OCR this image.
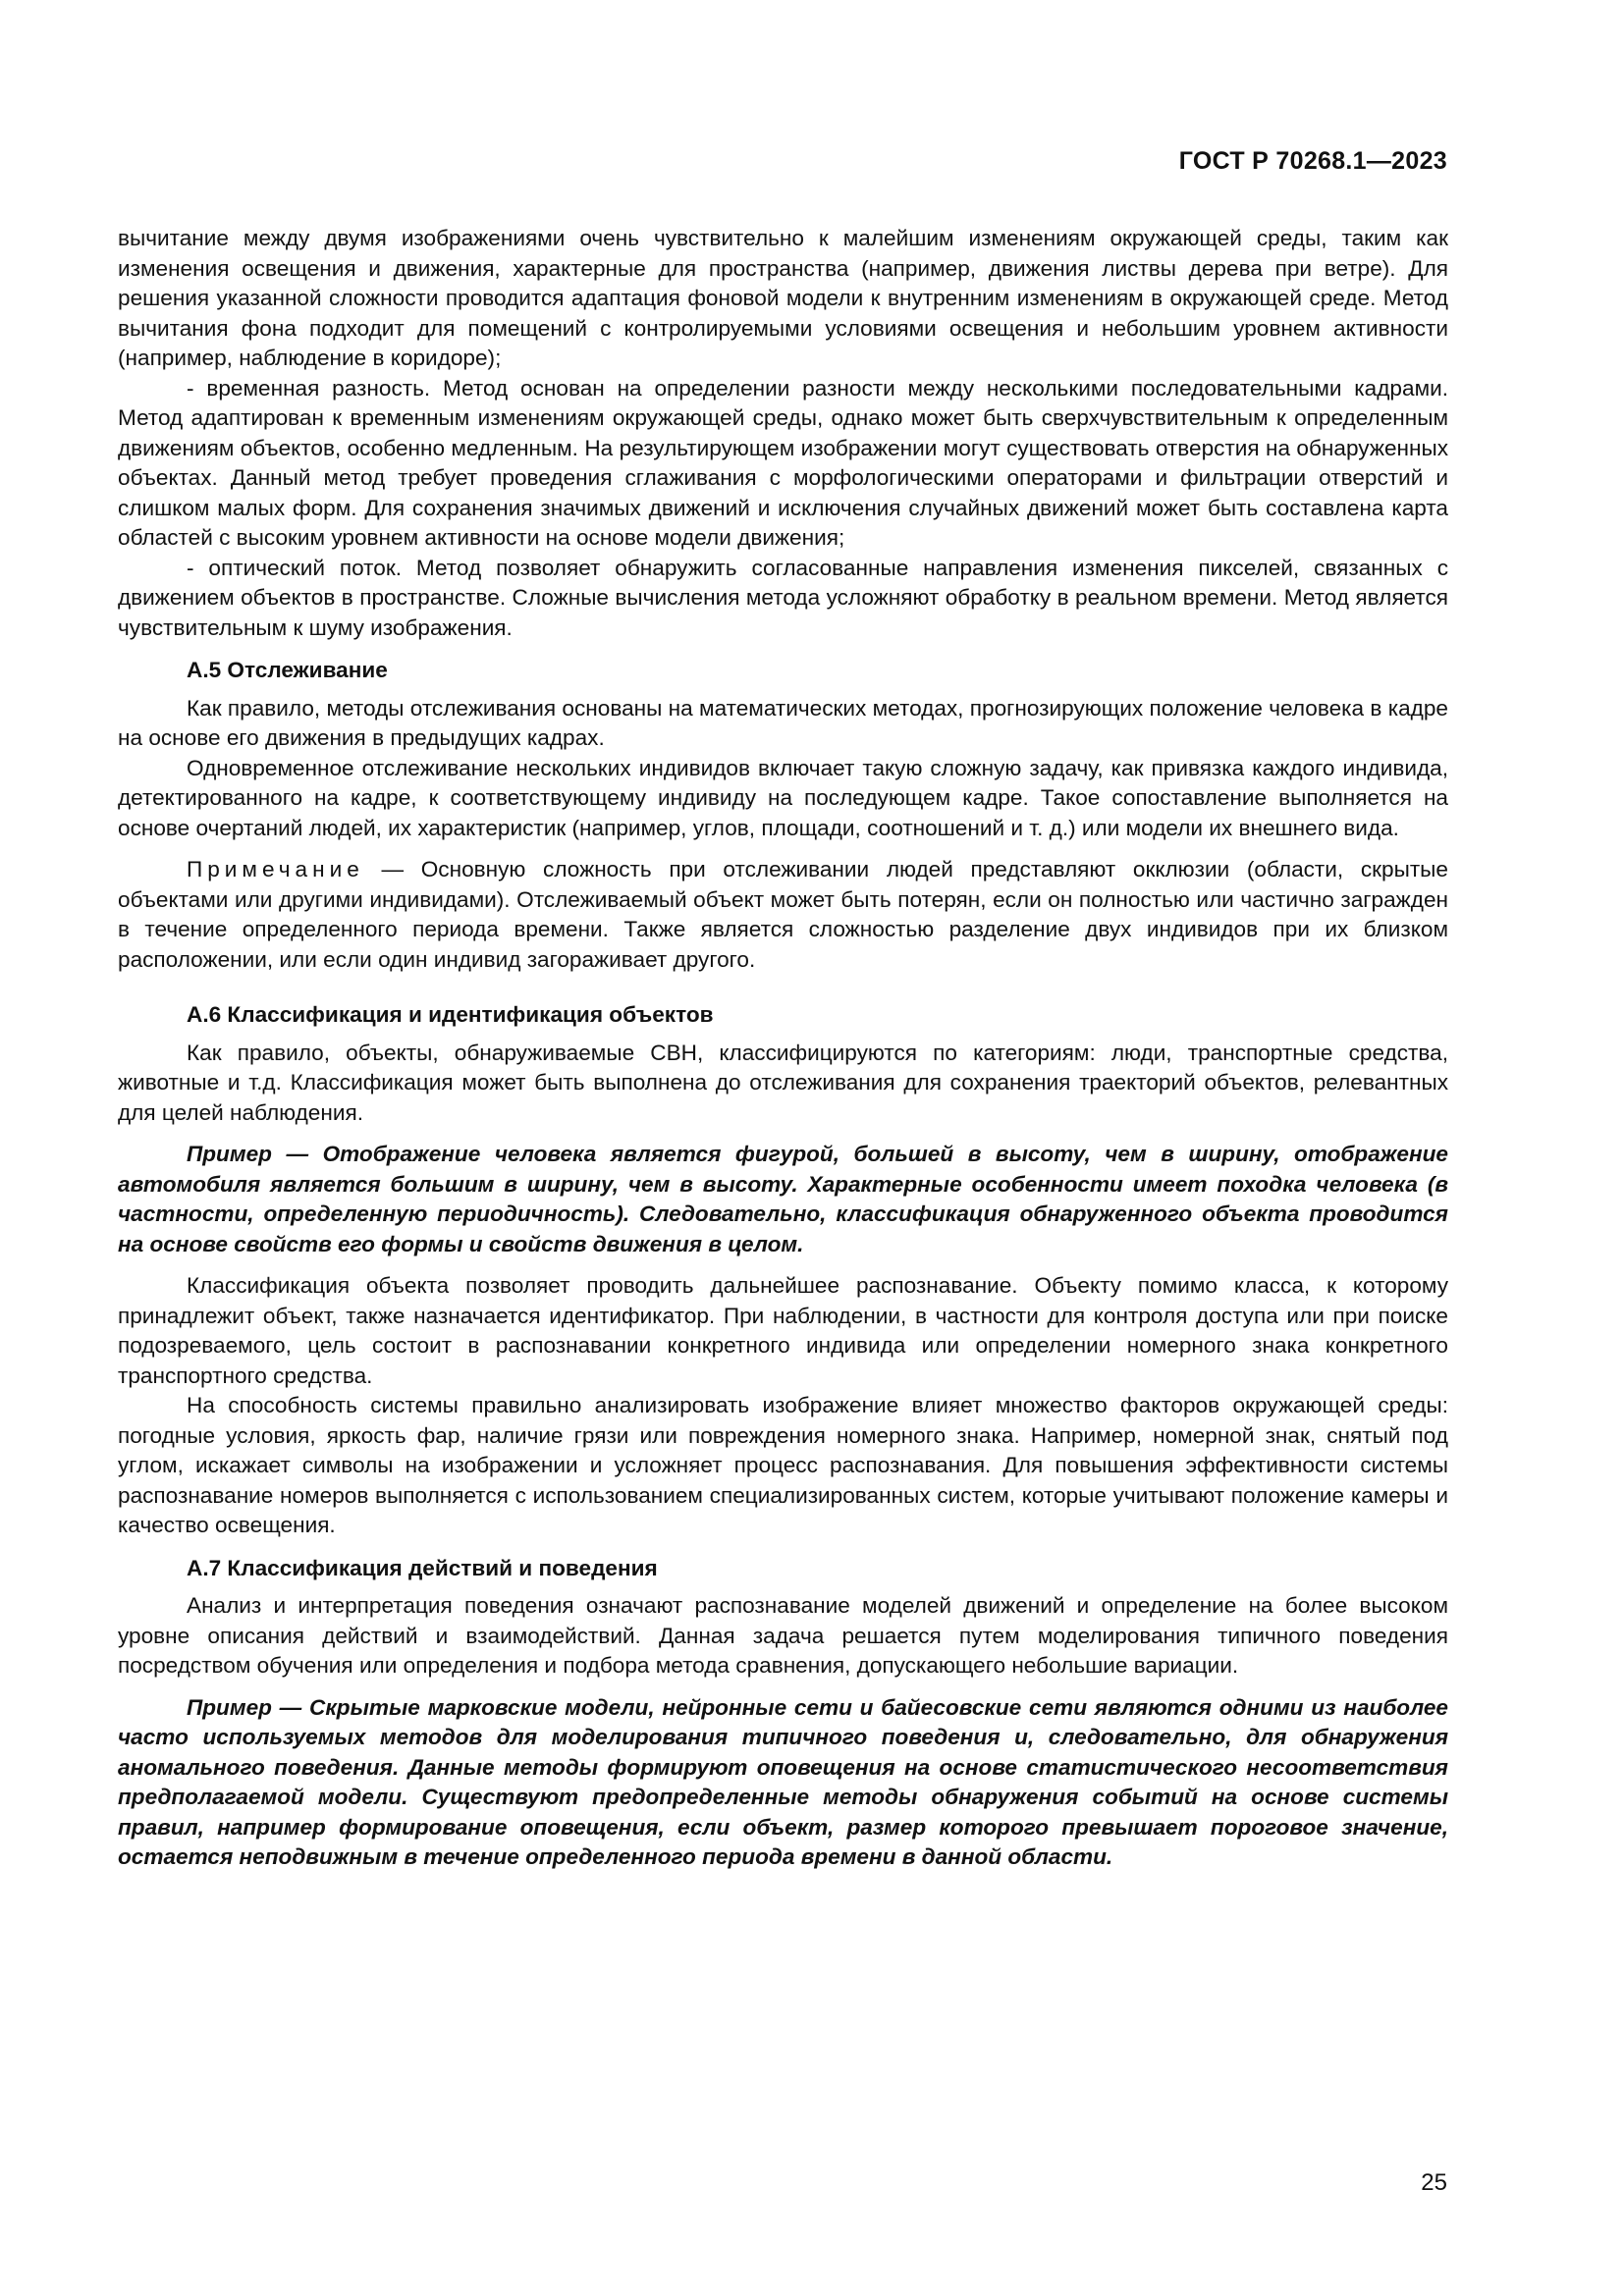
ГОСТ Р 70268.1—2023

вычитание между двумя изображениями очень чувствительно к малейшим изменениям окружающей среды, таким как изменения освещения и движения, характерные для пространства (например, движения листвы дерева при ветре). Для решения указанной сложности проводится адаптация фоновой модели к внутренним изменениям в окружающей среде. Метод вычитания фона подходит для помещений с контролируемыми условиями освещения и небольшим уровнем активности (например, наблюдение в коридоре);

- временная разность. Метод основан на определении разности между несколькими последовательными кадрами. Метод адаптирован к временным изменениям окружающей среды, однако может быть сверхчувствительным к определенным движениям объектов, особенно медленным. На результирующем изображении могут существовать отверстия на обнаруженных объектах. Данный метод требует проведения сглаживания с морфологическими операторами и фильтрации отверстий и слишком малых форм. Для сохранения значимых движений и исключения случайных движений может быть составлена карта областей с высоким уровнем активности на основе модели движения;

- оптический поток. Метод позволяет обнаружить согласованные направления изменения пикселей, связанных с движением объектов в пространстве. Сложные вычисления метода усложняют обработку в реальном времени. Метод является чувствительным к шуму изображения.

А.5 Отслеживание

Как правило, методы отслеживания основаны на математических методах, прогнозирующих положение человека в кадре на основе его движения в предыдущих кадрах.

Одновременное отслеживание нескольких индивидов включает такую сложную задачу, как привязка каждого индивида, детектированного на кадре, к соответствующему индивиду на последующем кадре. Такое сопоставление выполняется на основе очертаний людей, их характеристик (например, углов, площади, соотношений и т. д.) или модели их внешнего вида.

Примечание — Основную сложность при отслеживании людей представляют окклюзии (области, скрытые объектами или другими индивидами). Отслеживаемый объект может быть потерян, если он полностью или частично загражден в течение определенного периода времени. Также является сложностью разделение двух индивидов при их близком расположении, или если один индивид загораживает другого.

А.6 Классификация и идентификация объектов

Как правило, объекты, обнаруживаемые СВН, классифицируются по категориям: люди, транспортные средства, животные и т.д. Классификация может быть выполнена до отслеживания для сохранения траекторий объектов, релевантных для целей наблюдения.

Пример — Отображение человека является фигурой, большей в высоту, чем в ширину, отображение автомобиля является большим в ширину, чем в высоту. Характерные особенности имеет походка человека (в частности, определенную периодичность). Следовательно, классификация обнаруженного объекта проводится на основе свойств его формы и свойств движения в целом.

Классификация объекта позволяет проводить дальнейшее распознавание. Объекту помимо класса, к которому принадлежит объект, также назначается идентификатор. При наблюдении, в частности для контроля доступа или при поиске подозреваемого, цель состоит в распознавании конкретного индивида или определении номерного знака конкретного транспортного средства.

На способность системы правильно анализировать изображение влияет множество факторов окружающей среды: погодные условия, яркость фар, наличие грязи или повреждения номерного знака. Например, номерной знак, снятый под углом, искажает символы на изображении и усложняет процесс распознавания. Для повышения эффективности системы распознавание номеров выполняется с использованием специализированных систем, которые учитывают положение камеры и качество освещения.

А.7 Классификация действий и поведения

Анализ и интерпретация поведения означают распознавание моделей движений и определение на более высоком уровне описания действий и взаимодействий. Данная задача решается путем моделирования типичного поведения посредством обучения или определения и подбора метода сравнения, допускающего небольшие вариации.

Пример — Скрытые марковские модели, нейронные сети и байесовские сети являются одними из наиболее часто используемых методов для моделирования типичного поведения и, следовательно, для обнаружения аномального поведения. Данные методы формируют оповещения на основе статистического несоответствия предполагаемой модели. Существуют предопределенные методы обнаружения событий на основе системы правил, например формирование оповещения, если объект, размер которого превышает пороговое значение, остается неподвижным в течение определенного периода времени в данной области.

25
